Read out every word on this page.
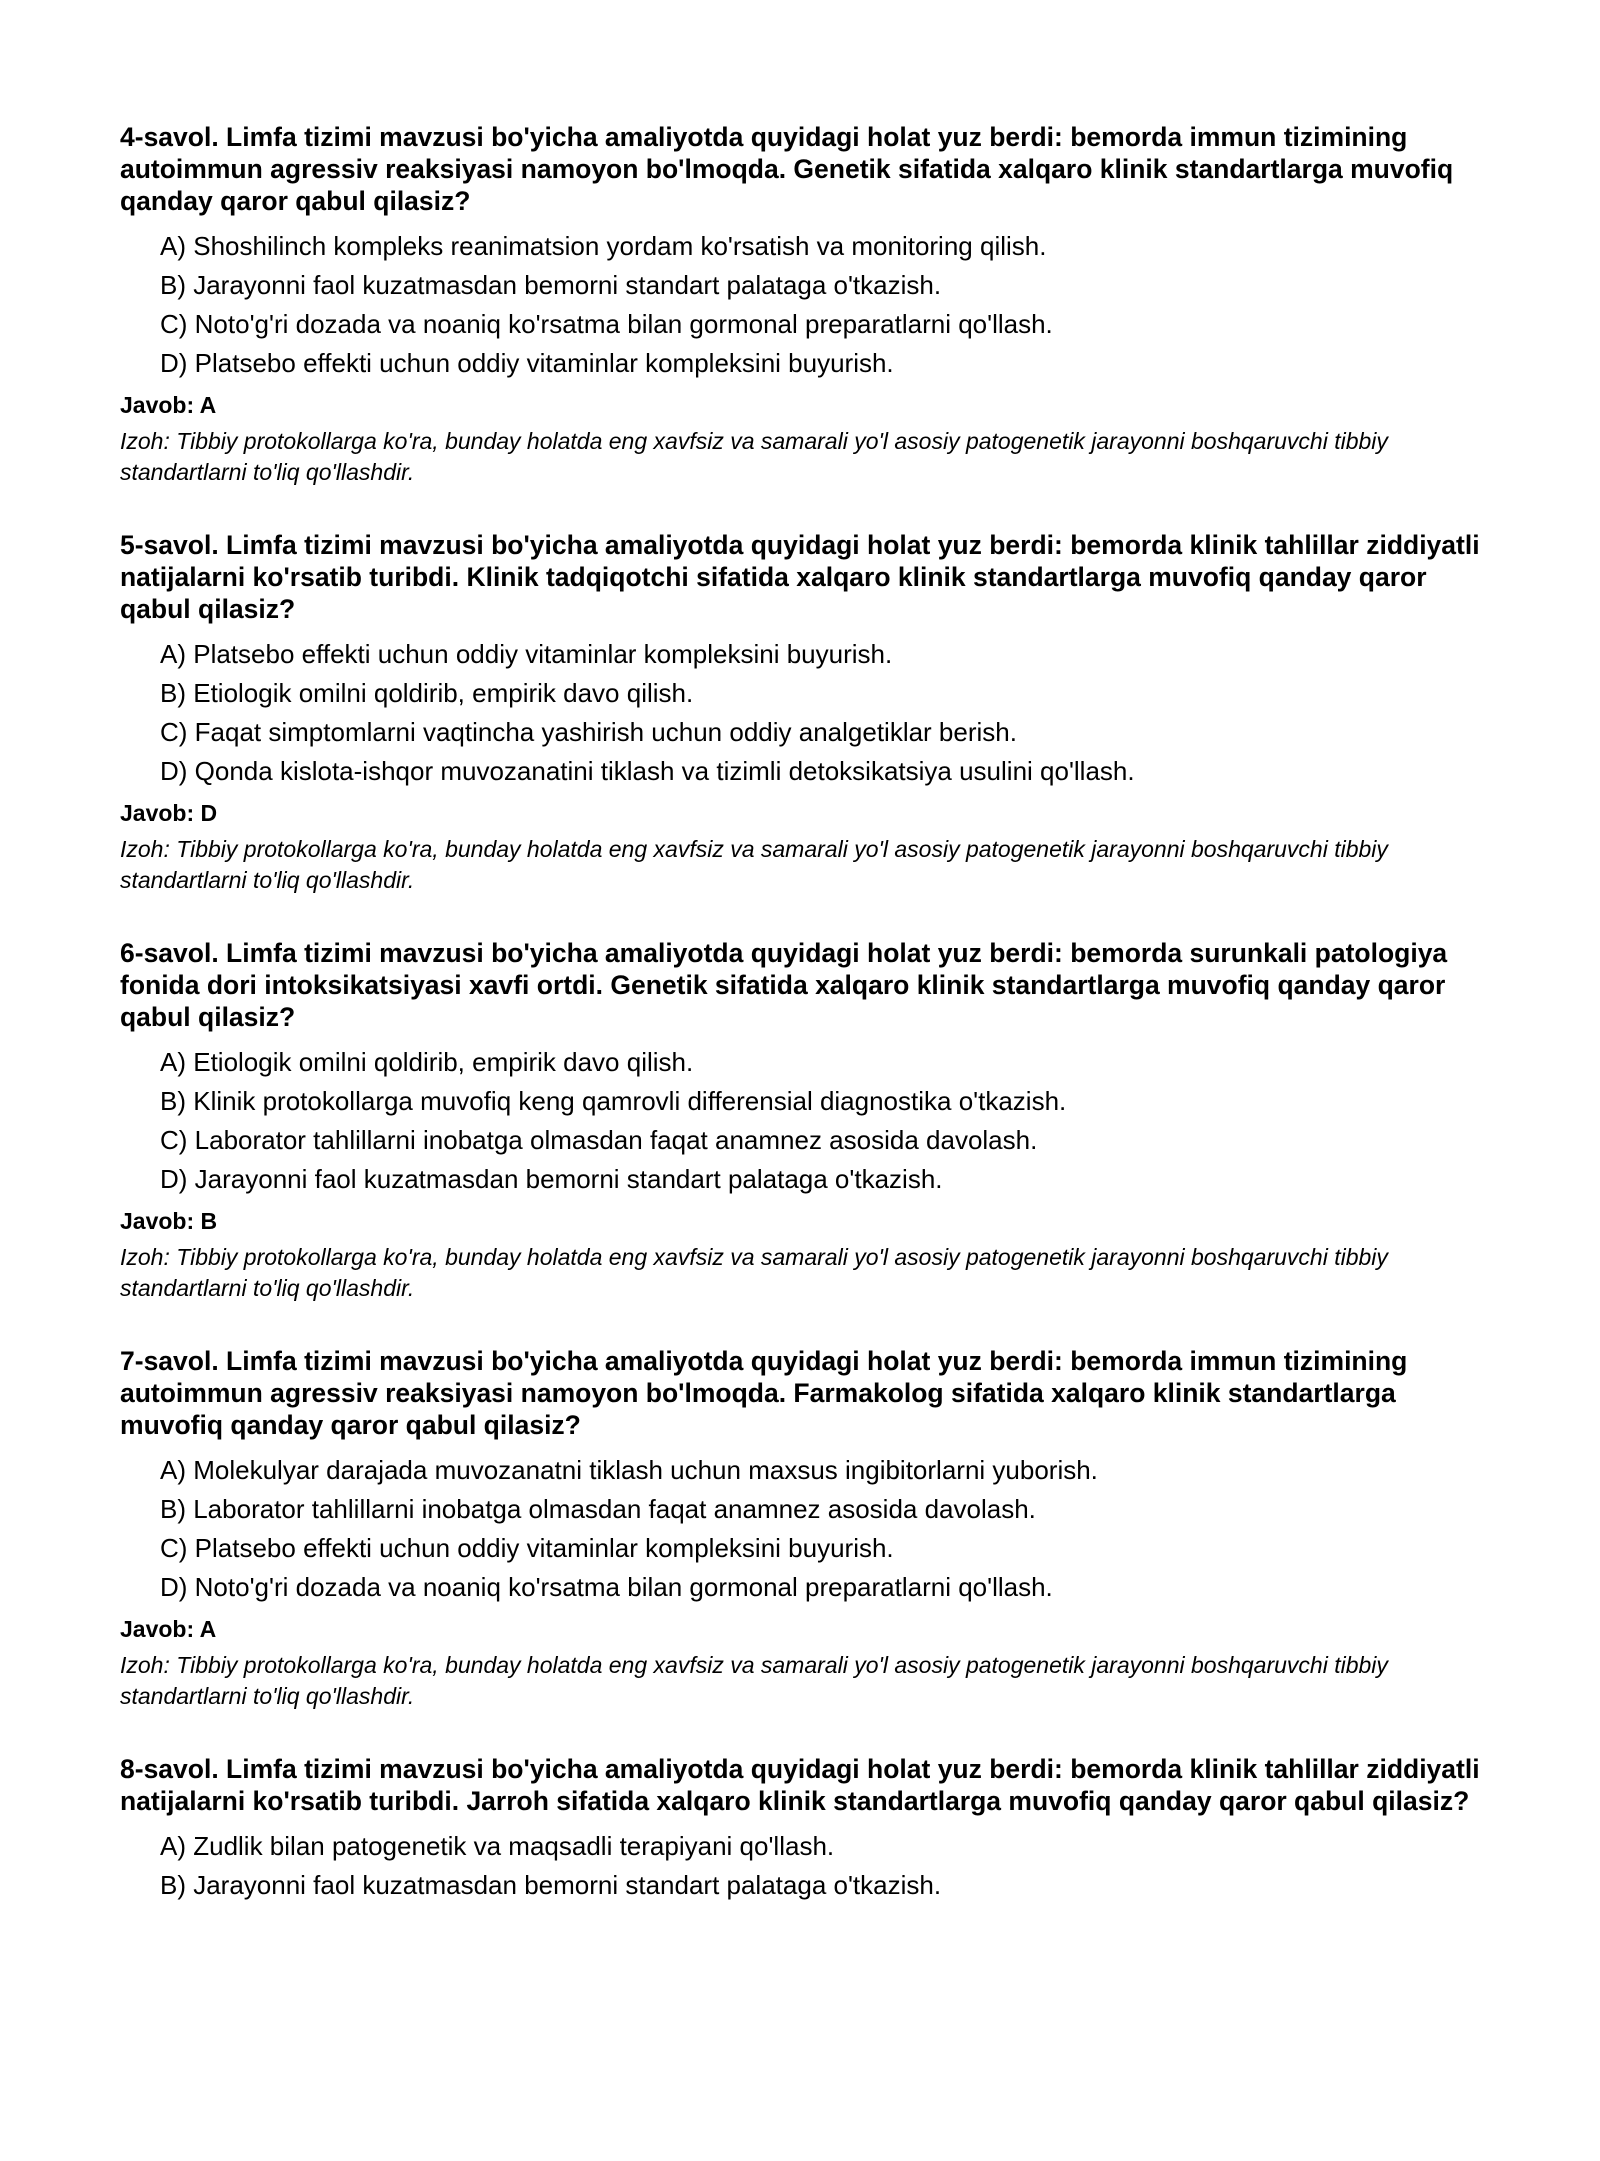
4-savol. Limfa tizimi mavzusi bo'yicha amaliyotda quyidagi holat yuz berdi: bemorda immun tizimining autoimmun agressiv reaksiyasi namoyon bo'lmoqda. Genetik sifatida xalqaro klinik standartlarga muvofiq qanday qaror qabul qilasiz?

A) Shoshilinch kompleks reanimatsion yordam ko'rsatish va monitoring qilish.
B) Jarayonni faol kuzatmasdan bemorni standart palataga o'tkazish.
C) Noto'g'ri dozada va noaniq ko'rsatma bilan gormonal preparatlarni qo'llash.
D) Platsebo effekti uchun oddiy vitaminlar kompleksini buyurish.
Javob: A
Izoh: Tibbiy protokollarga ko'ra, bunday holatda eng xavfsiz va samarali yo'l asosiy patogenetik jarayonni boshqaruvchi tibbiy standartlarni to'liq qo'llashdir.

5-savol. Limfa tizimi mavzusi bo'yicha amaliyotda quyidagi holat yuz berdi: bemorda klinik tahlillar ziddiyatli natijalarni ko'rsatib turibdi. Klinik tadqiqotchi sifatida xalqaro klinik standartlarga muvofiq qanday qaror qabul qilasiz?

A) Platsebo effekti uchun oddiy vitaminlar kompleksini buyurish.
B) Etiologik omilni qoldirib, empirik davo qilish.
C) Faqat simptomlarni vaqtincha yashirish uchun oddiy analgetiklar berish.
D) Qonda kislota-ishqor muvozanatini tiklash va tizimli detoksikatsiya usulini qo'llash.
Javob: D
Izoh: Tibbiy protokollarga ko'ra, bunday holatda eng xavfsiz va samarali yo'l asosiy patogenetik jarayonni boshqaruvchi tibbiy standartlarni to'liq qo'llashdir.

6-savol. Limfa tizimi mavzusi bo'yicha amaliyotda quyidagi holat yuz berdi: bemorda surunkali patologiya fonida dori intoksikatsiyasi xavfi ortdi. Genetik sifatida xalqaro klinik standartlarga muvofiq qanday qaror qabul qilasiz?

A) Etiologik omilni qoldirib, empirik davo qilish.
B) Klinik protokollarga muvofiq keng qamrovli differensial diagnostika o'tkazish.
C) Laborator tahlillarni inobatga olmasdan faqat anamnez asosida davolash.
D) Jarayonni faol kuzatmasdan bemorni standart palataga o'tkazish.
Javob: B
Izoh: Tibbiy protokollarga ko'ra, bunday holatda eng xavfsiz va samarali yo'l asosiy patogenetik jarayonni boshqaruvchi tibbiy standartlarni to'liq qo'llashdir.

7-savol. Limfa tizimi mavzusi bo'yicha amaliyotda quyidagi holat yuz berdi: bemorda immun tizimining autoimmun agressiv reaksiyasi namoyon bo'lmoqda. Farmakolog sifatida xalqaro klinik standartlarga muvofiq qanday qaror qabul qilasiz?

A) Molekulyar darajada muvozanatni tiklash uchun maxsus ingibitorlarni yuborish.
B) Laborator tahlillarni inobatga olmasdan faqat anamnez asosida davolash.
C) Platsebo effekti uchun oddiy vitaminlar kompleksini buyurish.
D) Noto'g'ri dozada va noaniq ko'rsatma bilan gormonal preparatlarni qo'llash.
Javob: A
Izoh: Tibbiy protokollarga ko'ra, bunday holatda eng xavfsiz va samarali yo'l asosiy patogenetik jarayonni boshqaruvchi tibbiy standartlarni to'liq qo'llashdir.

8-savol. Limfa tizimi mavzusi bo'yicha amaliyotda quyidagi holat yuz berdi: bemorda klinik tahlillar ziddiyatli natijalarni ko'rsatib turibdi. Jarroh sifatida xalqaro klinik standartlarga muvofiq qanday qaror qabul qilasiz?

A) Zudlik bilan patogenetik va maqsadli terapiyani qo'llash.
B) Jarayonni faol kuzatmasdan bemorni standart palataga o'tkazish.
